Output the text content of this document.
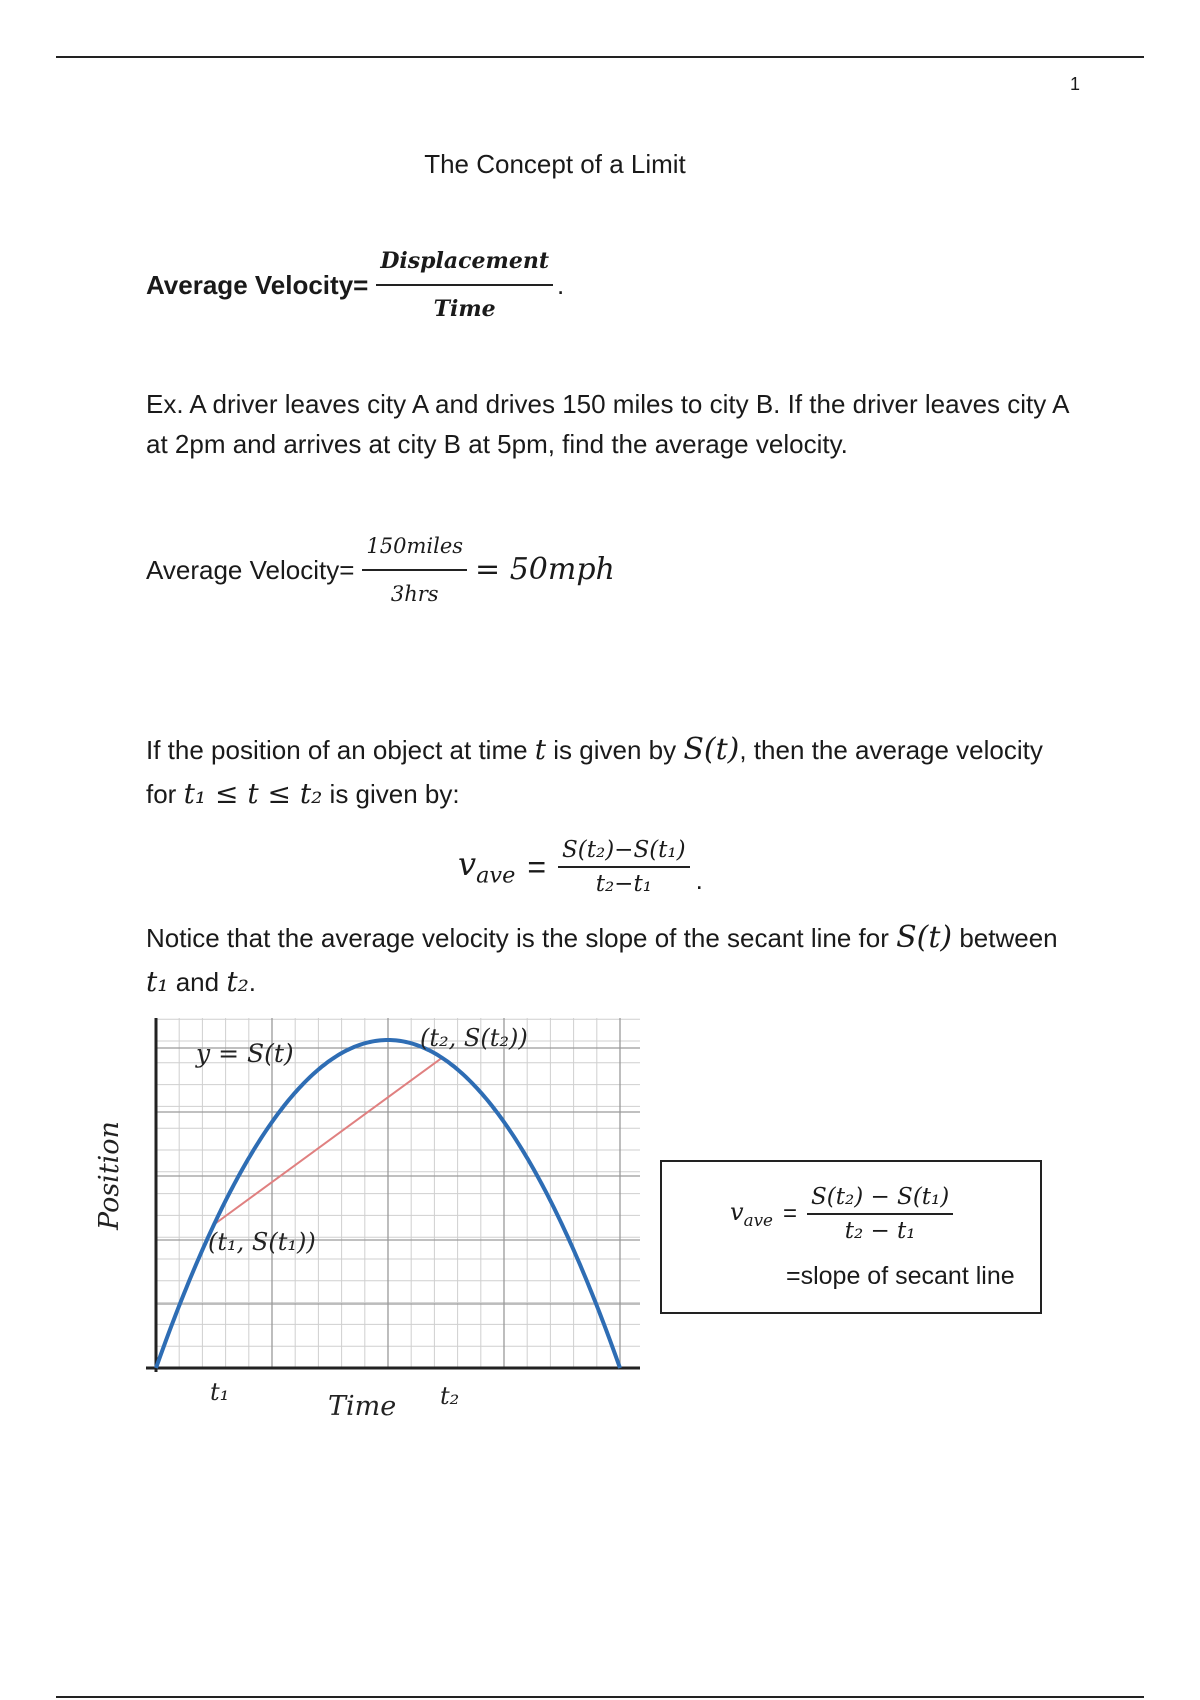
1
The Concept of a Limit
Average Velocity= $\frac{\text{Displacement}}{\text{Time}}$ .
Ex. A driver leaves city A and drives 150 miles to city B. If the driver leaves city A at 2pm and arrives at city B at 5pm, find the average velocity.
Average Velocity= $\frac{\text{150miles}}{\text{3hrs}} = 50mph$
If the position of an object at time t is given by S(t), then the average velocity
for t₁ ≤ t ≤ t₂ is given by:
$v_{ave} = \frac{\text{S(t₂)−S(t₁)}}{\text{t₂−t₁}}$ .
Notice that the average velocity is the slope of the secant line for S(t) between
t₁ and t₂.
y = S(t)
(t₁, S(t₁))
(t₂, S(t₂))
t₁	t₂
Time
Position	$v_{ave} = \frac{\text{S(t₂) − S(t₁)}}{\text{t₂ − t₁}}$
=slope of secant line
